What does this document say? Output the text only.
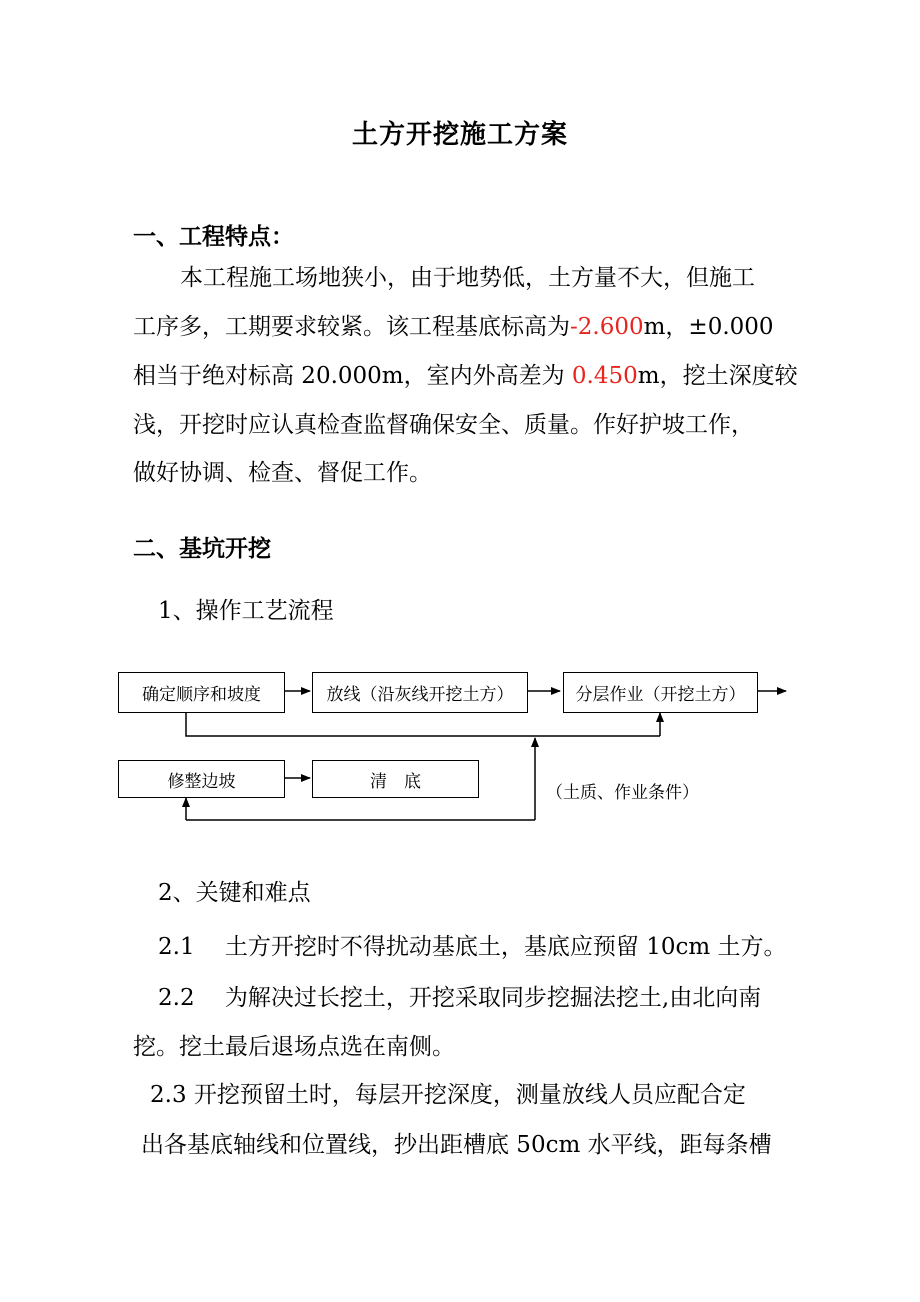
土方开挖施工方案
一、工程特点：
本工程施工场地狭小，由于地势低，土方量不大，但施工
工序多，工期要求较紧。该工程基底标高为-2.600m，±0.000
相当于绝对标高 20.000m，室内外高差为 0.450m，挖土深度较
浅，开挖时应认真检查监督确保安全、质量。作好护坡工作，
做好协调、检查、督促工作。
二、基坑开挖
1、操作工艺流程
确定顺序和坡度	放线（沿灰线开挖土方）	分层作业（开挖土方）
修整边坡	清　底
（土质、作业条件）
2、关键和难点
2.1　 土方开挖时不得扰动基底土，基底应预留 10cm 土方。
2.2　 为解决过长挖土，开挖采取同步挖掘法挖土,由北向南
挖。挖土最后退场点选在南侧。
2.3 开挖预留土时，每层开挖深度，测量放线人员应配合定
出各基底轴线和位置线，抄出距槽底 50cm 水平线，距每条槽
